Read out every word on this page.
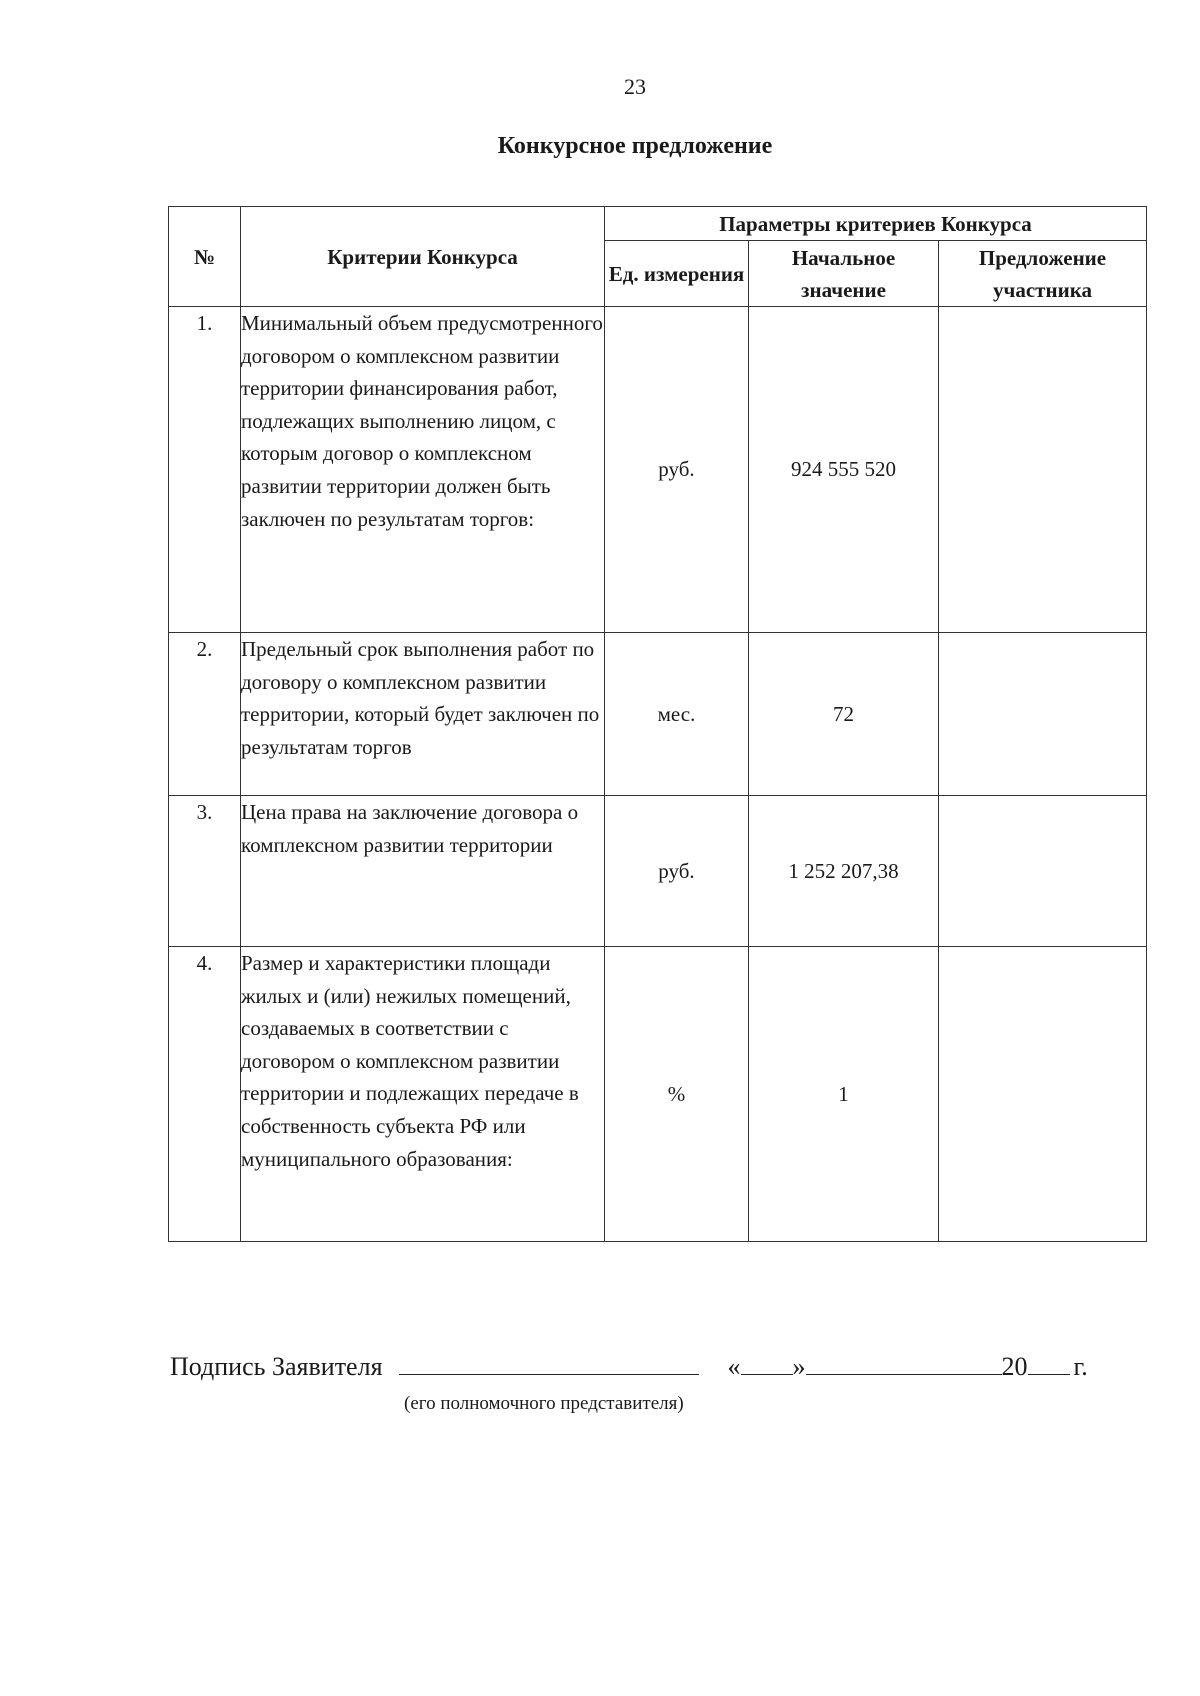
23
Конкурсное предложение
№	Критерии Конкурса	Параметры критериев Конкурса		
		Ед. измерения	Начальное значение	Предложение участника
1.	Минимальный объем предусмотренного договором о комплексном развитии территории финансирования работ, подлежащих выполнению лицом, с которым договор о комплексном развитии территории должен быть заключен по результатам торгов:	руб.	924 555 520	
2.	Предельный срок выполнения работ по договору о комплексном развитии территории, который будет заключен по результатам торгов	мес.	72	
3.	Цена права на заключение договора о комплексном развитии территории	руб.	1 252 207,38	
4.	Размер и характеристики площади жилых и (или) нежилых помещений, создаваемых в соответствии с договором о комплексном развитии территории и подлежащих передаче в собственность субъекта РФ или муниципального образования:	%	1	
Подпись Заявителя	« »	20 г.
(его полномочного представителя)
